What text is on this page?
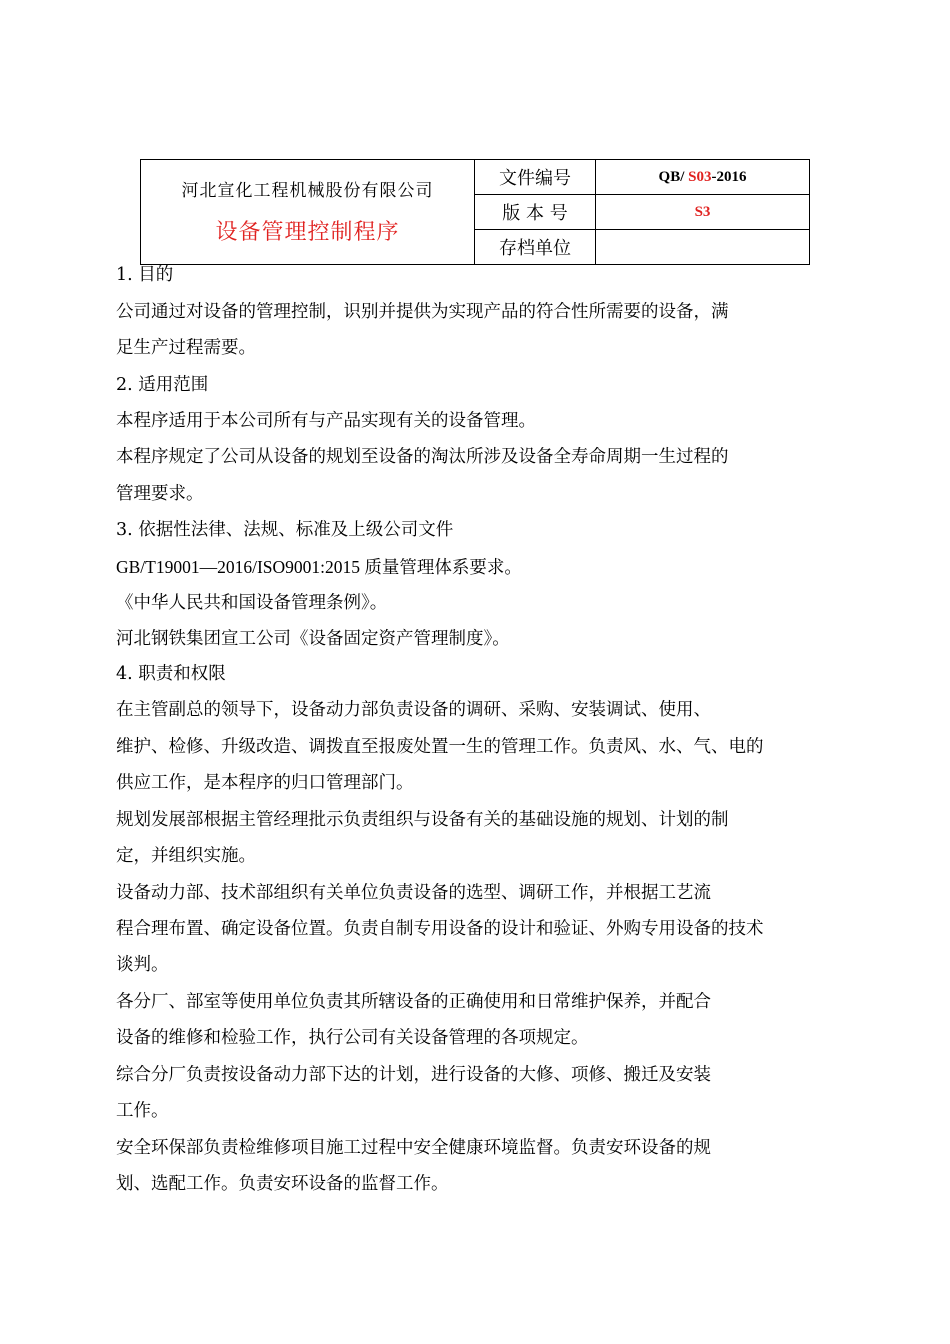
河北宣化工程机械股份有限公司
设备管理控制程序	文件编号	QB/ S03-2016
	版 本 号	S3
	存档单位	
1. 目的
公司通过对设备的管理控制，识别并提供为实现产品的符合性所需要的设备，满
足生产过程需要。
2. 适用范围
本程序适用于本公司所有与产品实现有关的设备管理。
本程序规定了公司从设备的规划至设备的淘汰所涉及设备全寿命周期一生过程的
管理要求。
3. 依据性法律、法规、标准及上级公司文件
GB/T19001—2016/ISO9001:2015 质量管理体系要求。
《中华人民共和国设备管理条例》。
河北钢铁集团宣工公司《设备固定资产管理制度》。
4. 职责和权限
在主管副总的领导下，设备动力部负责设备的调研、采购、安装调试、使用、
维护、检修、升级改造、调拨直至报废处置一生的管理工作。负责风、水、气、电的
供应工作，是本程序的归口管理部门。
规划发展部根据主管经理批示负责组织与设备有关的基础设施的规划、计划的制
定，并组织实施。
设备动力部、技术部组织有关单位负责设备的选型、调研工作，并根据工艺流
程合理布置、确定设备位置。负责自制专用设备的设计和验证、外购专用设备的技术
谈判。
各分厂、部室等使用单位负责其所辖设备的正确使用和日常维护保养，并配合
设备的维修和检验工作，执行公司有关设备管理的各项规定。
综合分厂负责按设备动力部下达的计划，进行设备的大修、项修、搬迁及安装
工作。
安全环保部负责检维修项目施工过程中安全健康环境监督。负责安环设备的规
划、选配工作。负责安环设备的监督工作。
